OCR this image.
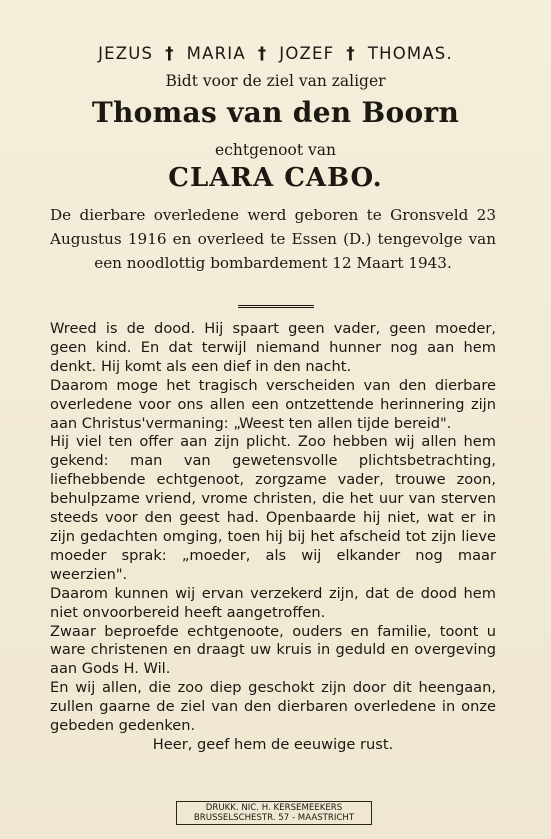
JEZUS † MARIA † JOZEF † THOMAS.
Bidt voor de ziel van zaliger
Thomas van den Boorn
echtgenoot van
CLARA CABO.
De dierbare overledene werd geboren te Gronsveld 23 Augustus 1916 en overleed te Essen (D.) tengevolge van een noodlottig bombardement 12 Maart 1943.

Wreed is de dood. Hij spaart geen vader, geen moeder, geen kind. En dat terwijl niemand hunner nog aan hem denkt. Hij komt als een dief in den nacht.

Daarom moge het tragisch verscheiden van den dierbare overledene voor ons allen een ontzettende herinnering zijn aan Christus'vermaning: „Weest ten allen tijde bereid".

Hij viel ten offer aan zijn plicht. Zoo hebben wij allen hem gekend: man van gewetensvolle plichtsbetrachting, liefhebbende echtgenoot, zorgzame vader, trouwe zoon, behulpzame vriend, vrome christen, die het uur van sterven steeds voor den geest had. Openbaarde hij niet, wat er in zijn gedachten omging, toen hij bij het afscheid tot zijn lieve moeder sprak: „moeder, als wij elkander nog maar weerzien".

Daarom kunnen wij ervan verzekerd zijn, dat de dood hem niet onvoorbereid heeft aangetroffen.

Zwaar beproefde echtgenoote, ouders en familie, toont u ware christenen en draagt uw kruis in geduld en overgeving aan Gods H. Wil.

En wij allen, die zoo diep geschokt zijn door dit heengaan, zullen gaarne de ziel van den dierbaren overledene in onze gebeden gedenken.

Heer, geef hem de eeuwige rust.

DRUKK. NIC. H. KERSEMEEKERS
BRUSSELSCHESTR. 57 - MAASTRICHT
